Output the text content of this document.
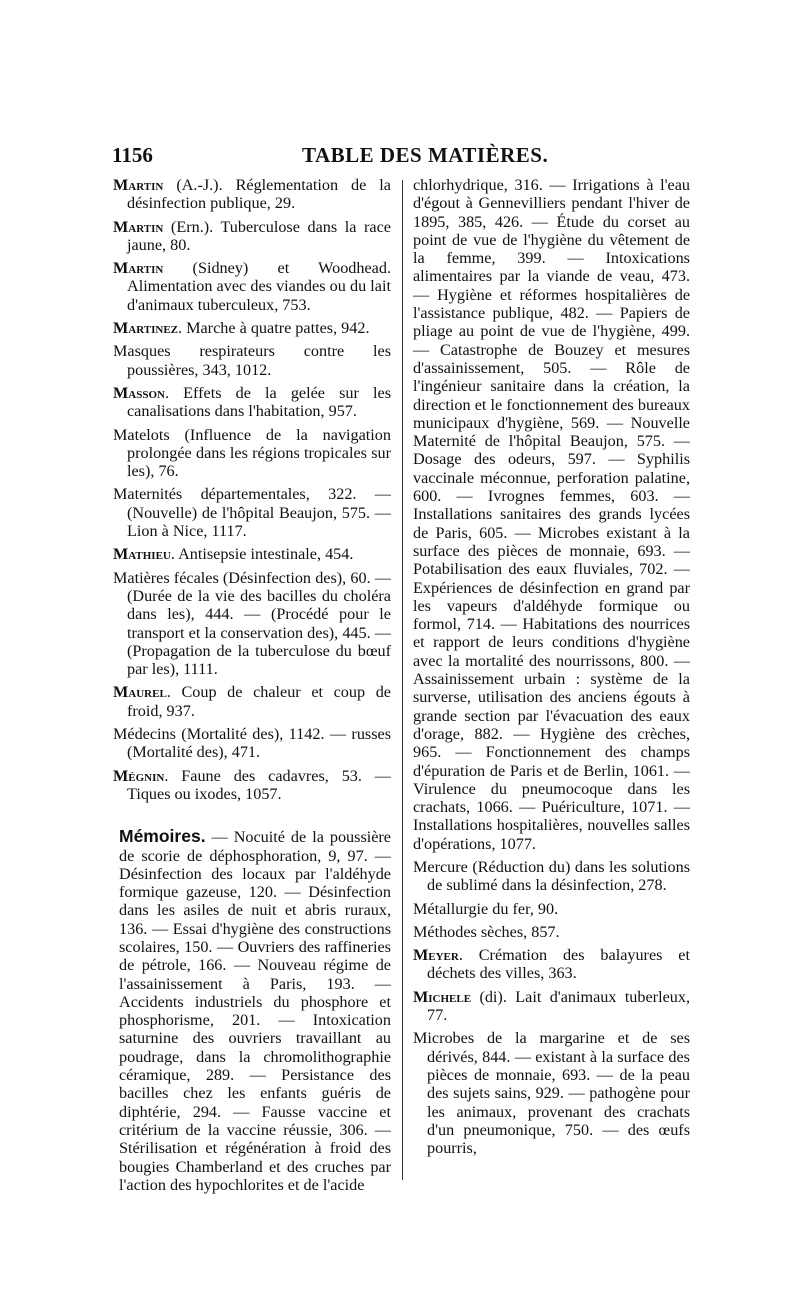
1156	TABLE DES MATIÈRES.
Martin (A.-J.). Réglementation de la désinfection publique, 29.
Martin (Ern.). Tuberculose dans la race jaune, 80.
Martin (Sidney) et Woodhead. Alimentation avec des viandes ou du lait d'animaux tuberculeux, 753.
Martinez. Marche à quatre pattes, 942.
Masques respirateurs contre les poussières, 343, 1012.
Masson. Effets de la gelée sur les canalisations dans l'habitation, 957.
Matelots (Influence de la navigation prolongée dans les régions tropicales sur les), 76.
Maternités départementales, 322. — (Nouvelle) de l'hôpital Beaujon, 575. — Lion à Nice, 1117.
Mathieu. Antisepsie intestinale, 454.
Matières fécales (Désinfection des), 60. — (Durée de la vie des bacilles du choléra dans les), 444. — (Procédé pour le transport et la conservation des), 445. — (Propagation de la tuberculose du bœuf par les), 1111.
Maurel. Coup de chaleur et coup de froid, 937.
Médecins (Mortalité des), 1142. — russes (Mortalité des), 471.
Mégnin. Faune des cadavres, 53. — Tiques ou ixodes, 1057.
Mémoires. — Nocuité de la poussière de scorie de déphosphoration, 9, 97. — Désinfection des locaux par l'aldéhyde formique gazeuse, 120. — Désinfection dans les asiles de nuit et abris ruraux, 136. — Essai d'hygiène des constructions scolaires, 150. — Ouvriers des raffineries de pétrole, 166. — Nouveau régime de l'assainissement à Paris, 193. — Accidents industriels du phosphore et phosphorisme, 201. — Intoxication saturnine des ouvriers travaillant au poudrage, dans la chromolithographie céramique, 289. — Persistance des bacilles chez les enfants guéris de diphtérie, 294. — Fausse vaccine et critérium de la vaccine réussie, 306. — Stérilisation et régénération à froid des bougies Chamberland et des cruches par l'action des hypochlorites et de l'acide
chlorhydrique, 316. — Irrigations à l'eau d'égout à Gennevilliers pendant l'hiver de 1895, 385, 426. — Étude du corset au point de vue de l'hygiène du vêtement de la femme, 399. — Intoxications alimentaires par la viande de veau, 473. — Hygiène et réformes hospitalières de l'assistance publique, 482. — Papiers de pliage au point de vue de l'hygiène, 499. — Catastrophe de Bouzey et mesures d'assainissement, 505. — Rôle de l'ingénieur sanitaire dans la création, la direction et le fonctionnement des bureaux municipaux d'hygiène, 569. — Nouvelle Maternité de l'hôpital Beaujon, 575. — Dosage des odeurs, 597. — Syphilis vaccinale méconnue, perforation palatine, 600. — Ivrognes femmes, 603. — Installations sanitaires des grands lycées de Paris, 605. — Microbes existant à la surface des pièces de monnaie, 693. — Potabilisation des eaux fluviales, 702. — Expériences de désinfection en grand par les vapeurs d'aldéhyde formique ou formol, 714. — Habitations des nourrices et rapport de leurs conditions d'hygiène avec la mortalité des nourrissons, 800. — Assainissement urbain : système de la surverse, utilisation des anciens égouts à grande section par l'évacuation des eaux d'orage, 882. — Hygiène des crèches, 965. — Fonctionnement des champs d'épuration de Paris et de Berlin, 1061. — Virulence du pneumocoque dans les crachats, 1066. — Puériculture, 1071. — Installations hospitalières, nouvelles salles d'opérations, 1077.
Mercure (Réduction du) dans les solutions de sublimé dans la désinfection, 278.
Métallurgie du fer, 90.
Méthodes sèches, 857.
Meyer. Crémation des balayures et déchets des villes, 363.
Michele (di). Lait d'animaux tuberleux, 77.
Microbes de la margarine et de ses dérivés, 844. — existant à la surface des pièces de monnaie, 693. — de la peau des sujets sains, 929. — pathogène pour les animaux, provenant des crachats d'un pneumonique, 750. — des œufs pourris,
